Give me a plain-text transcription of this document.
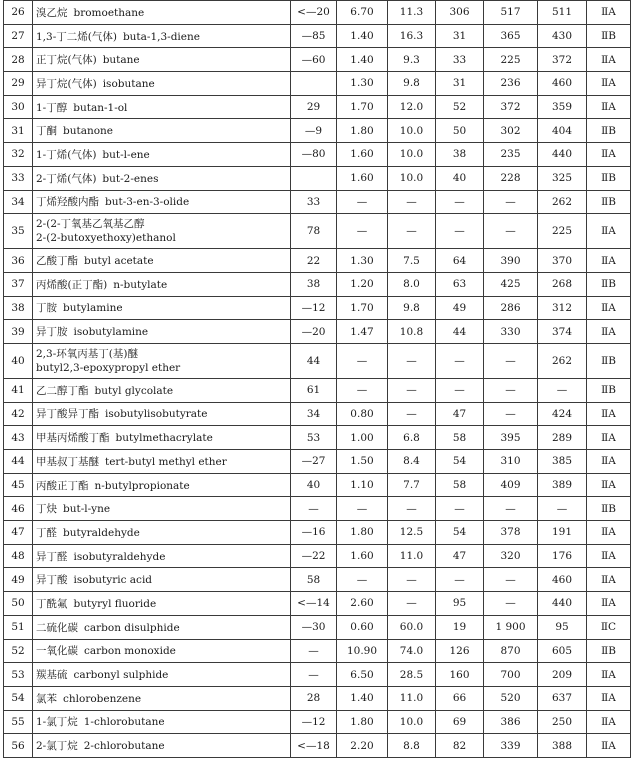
26	溴乙烷 bromoethane	<—20	6.70	11.3	306	517	511	ⅡA
27	1,3-丁二烯(气体) buta-1,3-diene	—85	1.40	16.3	31	365	430	ⅡB
28	正丁烷(气体) butane	—60	1.40	9.3	33	225	372	ⅡA
29	异丁烷(气体) isobutane		1.30	9.8	31	236	460	ⅡA
30	1-丁醇 butan-1-ol	29	1.70	12.0	52	372	359	ⅡA
31	丁酮 butanone	—9	1.80	10.0	50	302	404	ⅡB
32	1-丁烯(气体) but-l-ene	—80	1.60	10.0	38	235	440	ⅡA
33	2-丁烯(气体) but-2-enes		1.60	10.0	40	228	325	ⅡB
34	丁烯羟酸内酯 but-3-en-3-olide	33	—	—	—	—	262	ⅡB
35	2-(2-丁氧基乙氧基乙醇
2-(2-butoxyethoxy)ethanol	78	—	—	—	—	225	ⅡA
36	乙酸丁酯 butyl acetate	22	1.30	7.5	64	390	370	ⅡA
37	丙烯酸(正丁酯) n-butylate	38	1.20	8.0	63	425	268	ⅡB
38	丁胺 butylamine	—12	1.70	9.8	49	286	312	ⅡA
39	异丁胺 isobutylamine	—20	1.47	10.8	44	330	374	ⅡA
40	2,3-环氧丙基丁(基)醚
butyl2,3-epoxypropyl ether	44	—	—	—	—	262	ⅡB
41	乙二醇丁酯 butyl glycolate	61	—	—	—	—	—	ⅡB
42	异丁酸异丁酯 isobutylisobutyrate	34	0.80	—	47	—	424	ⅡA
43	甲基丙烯酸丁酯 butylmethacrylate	53	1.00	6.8	58	395	289	ⅡA
44	甲基叔丁基醚 tert-butyl methyl ether	—27	1.50	8.4	54	310	385	ⅡA
45	丙酸正丁酯 n-butylpropionate	40	1.10	7.7	58	409	389	ⅡA
46	丁炔 but-l-yne	—	—	—	—	—	—	ⅡB
47	丁醛 butyraldehyde	—16	1.80	12.5	54	378	191	ⅡA
48	异丁醛 isobutyraldehyde	—22	1.60	11.0	47	320	176	ⅡA
49	异丁酸 isobutyric acid	58	—	—	—	—	460	ⅡA
50	丁酰氟 butyryl fluoride	<—14	2.60	—	95	—	440	ⅡA
51	二硫化碳 carbon disulphide	—30	0.60	60.0	19	1 900	95	ⅡC
52	一氧化碳 carbon monoxide	—	10.90	74.0	126	870	605	ⅡB
53	羰基硫 carbonyl sulphide	—	6.50	28.5	160	700	209	ⅡA
54	氯苯 chlorobenzene	28	1.40	11.0	66	520	637	ⅡA
55	1-氯丁烷 1-chlorobutane	—12	1.80	10.0	69	386	250	ⅡA
56	2-氯丁烷 2-chlorobutane	<—18	2.20	8.8	82	339	388	ⅡA
